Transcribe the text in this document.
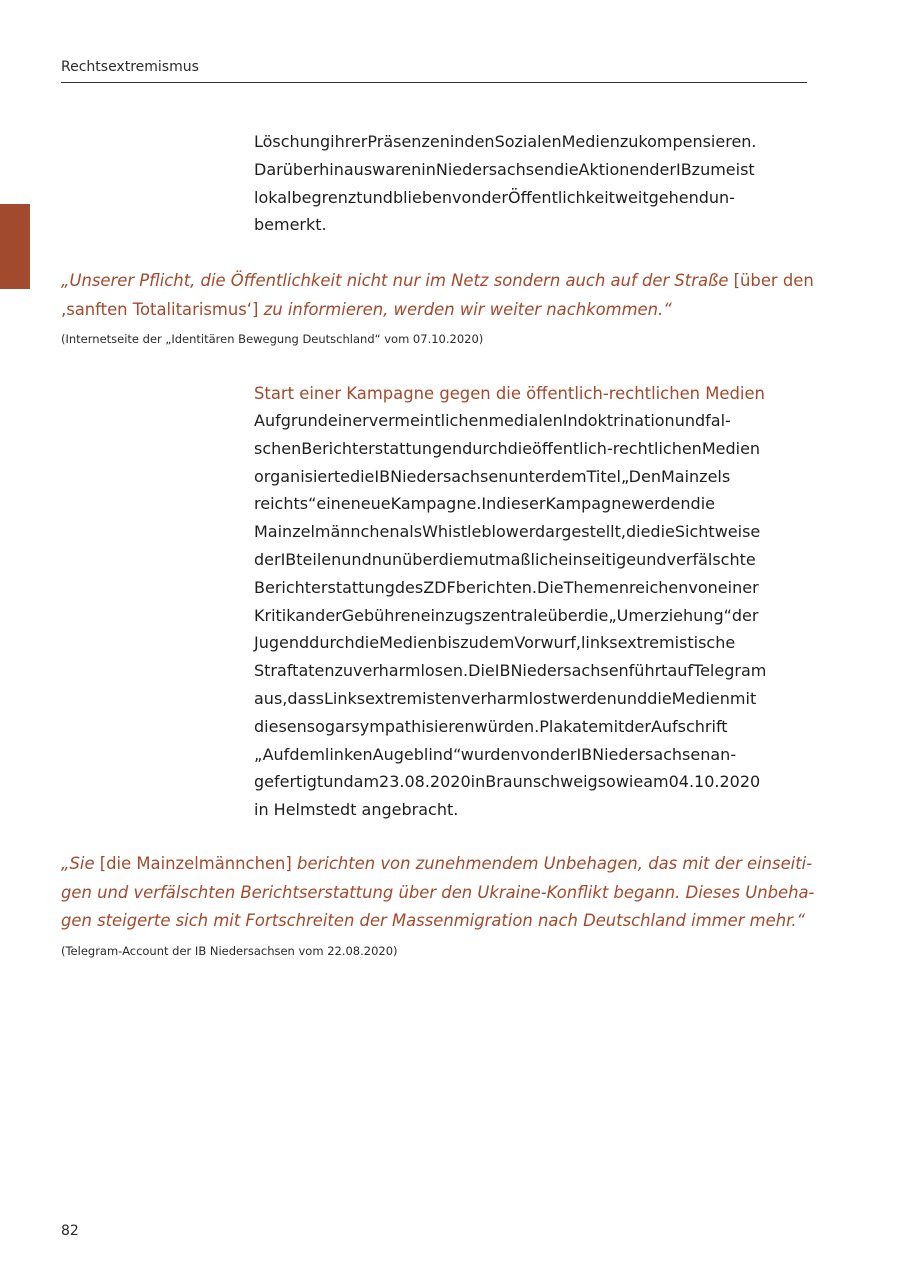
Rechtsextremismus
LöschungihrerPräsenzenindenSozialenMedienzukompensieren.
DarüberhinauswareninNiedersachsendieAktionenderIBzumeist
lokalbegrenztundbliebenvonderÖffentlichkeitweitgehendun-
bemerkt.
„Unserer Pflicht, die Öffentlichkeit nicht nur im Netz sondern auch auf der Straße [über den
‚sanften Totalitarismus‘] zu informieren, werden wir weiter nachkommen.“

(Internetseite der „Identitären Bewegung Deutschland“ vom 07.10.2020)

Start einer Kampagne gegen die öffentlich-rechtlichen Medien

AufgrundeinervermeintlichenmedialenIndoktrinationundfal-
schenBerichterstattungendurchdieöffentlich-rechtlichenMedien
organisiertedieIBNiedersachsenunterdemTitel„DenMainzels
reichts“eineneueKampagne.IndieserKampagnewerdendie
MainzelmännchenalsWhistleblowerdargestellt,diedieSichtweise
derIBteilenundnunüberdiemutmaßlicheinseitigeundverfälschte
BerichterstattungdesZDFberichten.DieThemenreichenvoneiner
KritikanderGebühreneinzugszentraleüberdie„Umerziehung“der
JugenddurchdieMedienbiszudemVorwurf,linksextremistische
Straftatenzuverharmlosen.DieIBNiedersachsenführtaufTelegram
aus,dassLinksextremistenverharmlostwerdenunddieMedienmit
diesensogarsympathisierenwürden.PlakatemitderAufschrift
„AufdemlinkenAugeblind“wurdenvonderIBNiedersachsenan-
gefertigtundam23.08.2020inBraunschweigsowieam04.10.2020
in Helmstedt angebracht.
„Sie [die Mainzelmännchen] berichten von zunehmendem Unbehagen, das mit der einseiti-
gen und verfälschten Berichtserstattung über den Ukraine-Konflikt begann. Dieses Unbeha-
gen steigerte sich mit Fortschreiten der Massenmigration nach Deutschland immer mehr.“

(Telegram-Account der IB Niedersachsen vom 22.08.2020)

82
